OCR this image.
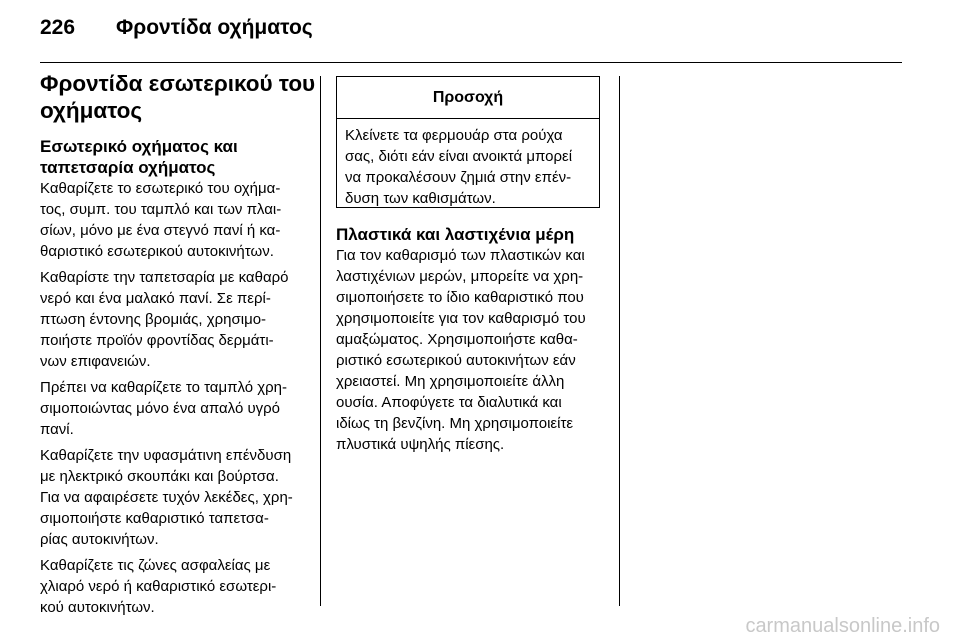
226 Φροντίδα οχήματος
Φροντίδα εσωτερικού του
οχήματος
Εσωτερικό οχήματος και
ταπετσαρία οχήματος
Καθαρίζετε το εσωτερικό του οχήμα-
τος, συμπ. του ταμπλό και των πλαι-
σίων, μόνο με ένα στεγνό πανί ή κα-
θαριστικό εσωτερικού αυτοκινήτων.
Καθαρίστε την ταπετσαρία με καθαρό
νερό και ένα μαλακό πανί. Σε περί-
πτωση έντονης βρομιάς, χρησιμο-
ποιήστε προϊόν φροντίδας δερμάτι-
νων επιφανειών.
Πρέπει να καθαρίζετε το ταμπλό χρη-
σιμοποιώντας μόνο ένα απαλό υγρό
πανί.
Καθαρίζετε την υφασμάτινη επένδυση
με ηλεκτρικό σκουπάκι και βούρτσα.
Για να αφαιρέσετε τυχόν λεκέδες, χρη-
σιμοποιήστε καθαριστικό ταπετσα-
ρίας αυτοκινήτων.
Καθαρίζετε τις ζώνες ασφαλείας με
χλιαρό νερό ή καθαριστικό εσωτερι-
κού αυτοκινήτων.
Προσοχή
Κλείνετε τα φερμουάρ στα ρούχα
σας, διότι εάν είναι ανοικτά μπορεί
να προκαλέσουν ζημιά στην επέν-
δυση των καθισμάτων.
Πλαστικά και λαστιχένια μέρη
Για τον καθαρισμό των πλαστικών και
λαστιχένιων μερών, μπορείτε να χρη-
σιμοποιήσετε το ίδιο καθαριστικό που
χρησιμοποιείτε για τον καθαρισμό του
αμαξώματος. Χρησιμοποιήστε καθα-
ριστικό εσωτερικού αυτοκινήτων εάν
χρειαστεί. Μη χρησιμοποιείτε άλλη
ουσία. Αποφύγετε τα διαλυτικά και
ιδίως τη βενζίνη. Μη χρησιμοποιείτε
πλυστικά υψηλής πίεσης.
carmanualsonline.info
